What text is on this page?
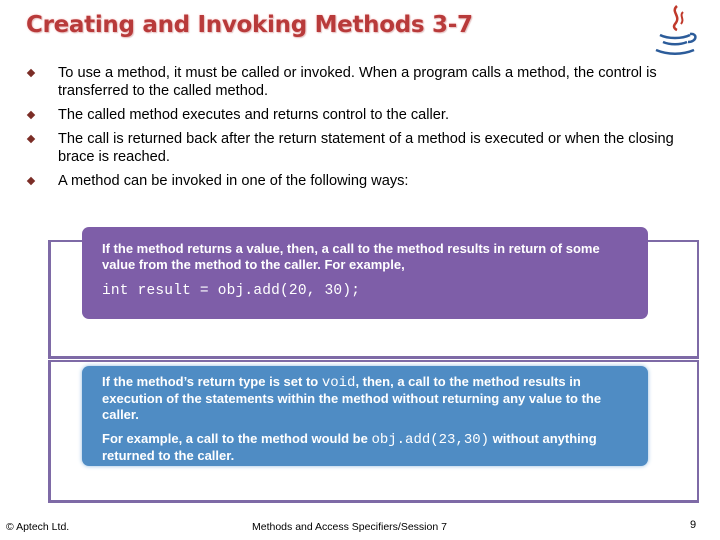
Creating and Invoking Methods 3-7
To use a method, it must be called or invoked. When a program calls a method, the control is transferred to the called method.
The called method executes and returns control to the caller.
The call is returned back after the return statement of a method is executed or when the closing brace is reached.
A method can be invoked in one of the following ways:
If the method returns a value, then, a call to the method results in return of some value from the method to the caller. For example,
int result = obj.add(20, 30);
If the method’s return type is set to void, then, a call to the method results in execution of the statements within the method without returning any value to the caller.
For example, a call to the method would be obj.add(23,30) without anything returned to the caller.
© Aptech Ltd.	Methods and Access Specifiers/Session 7	9
